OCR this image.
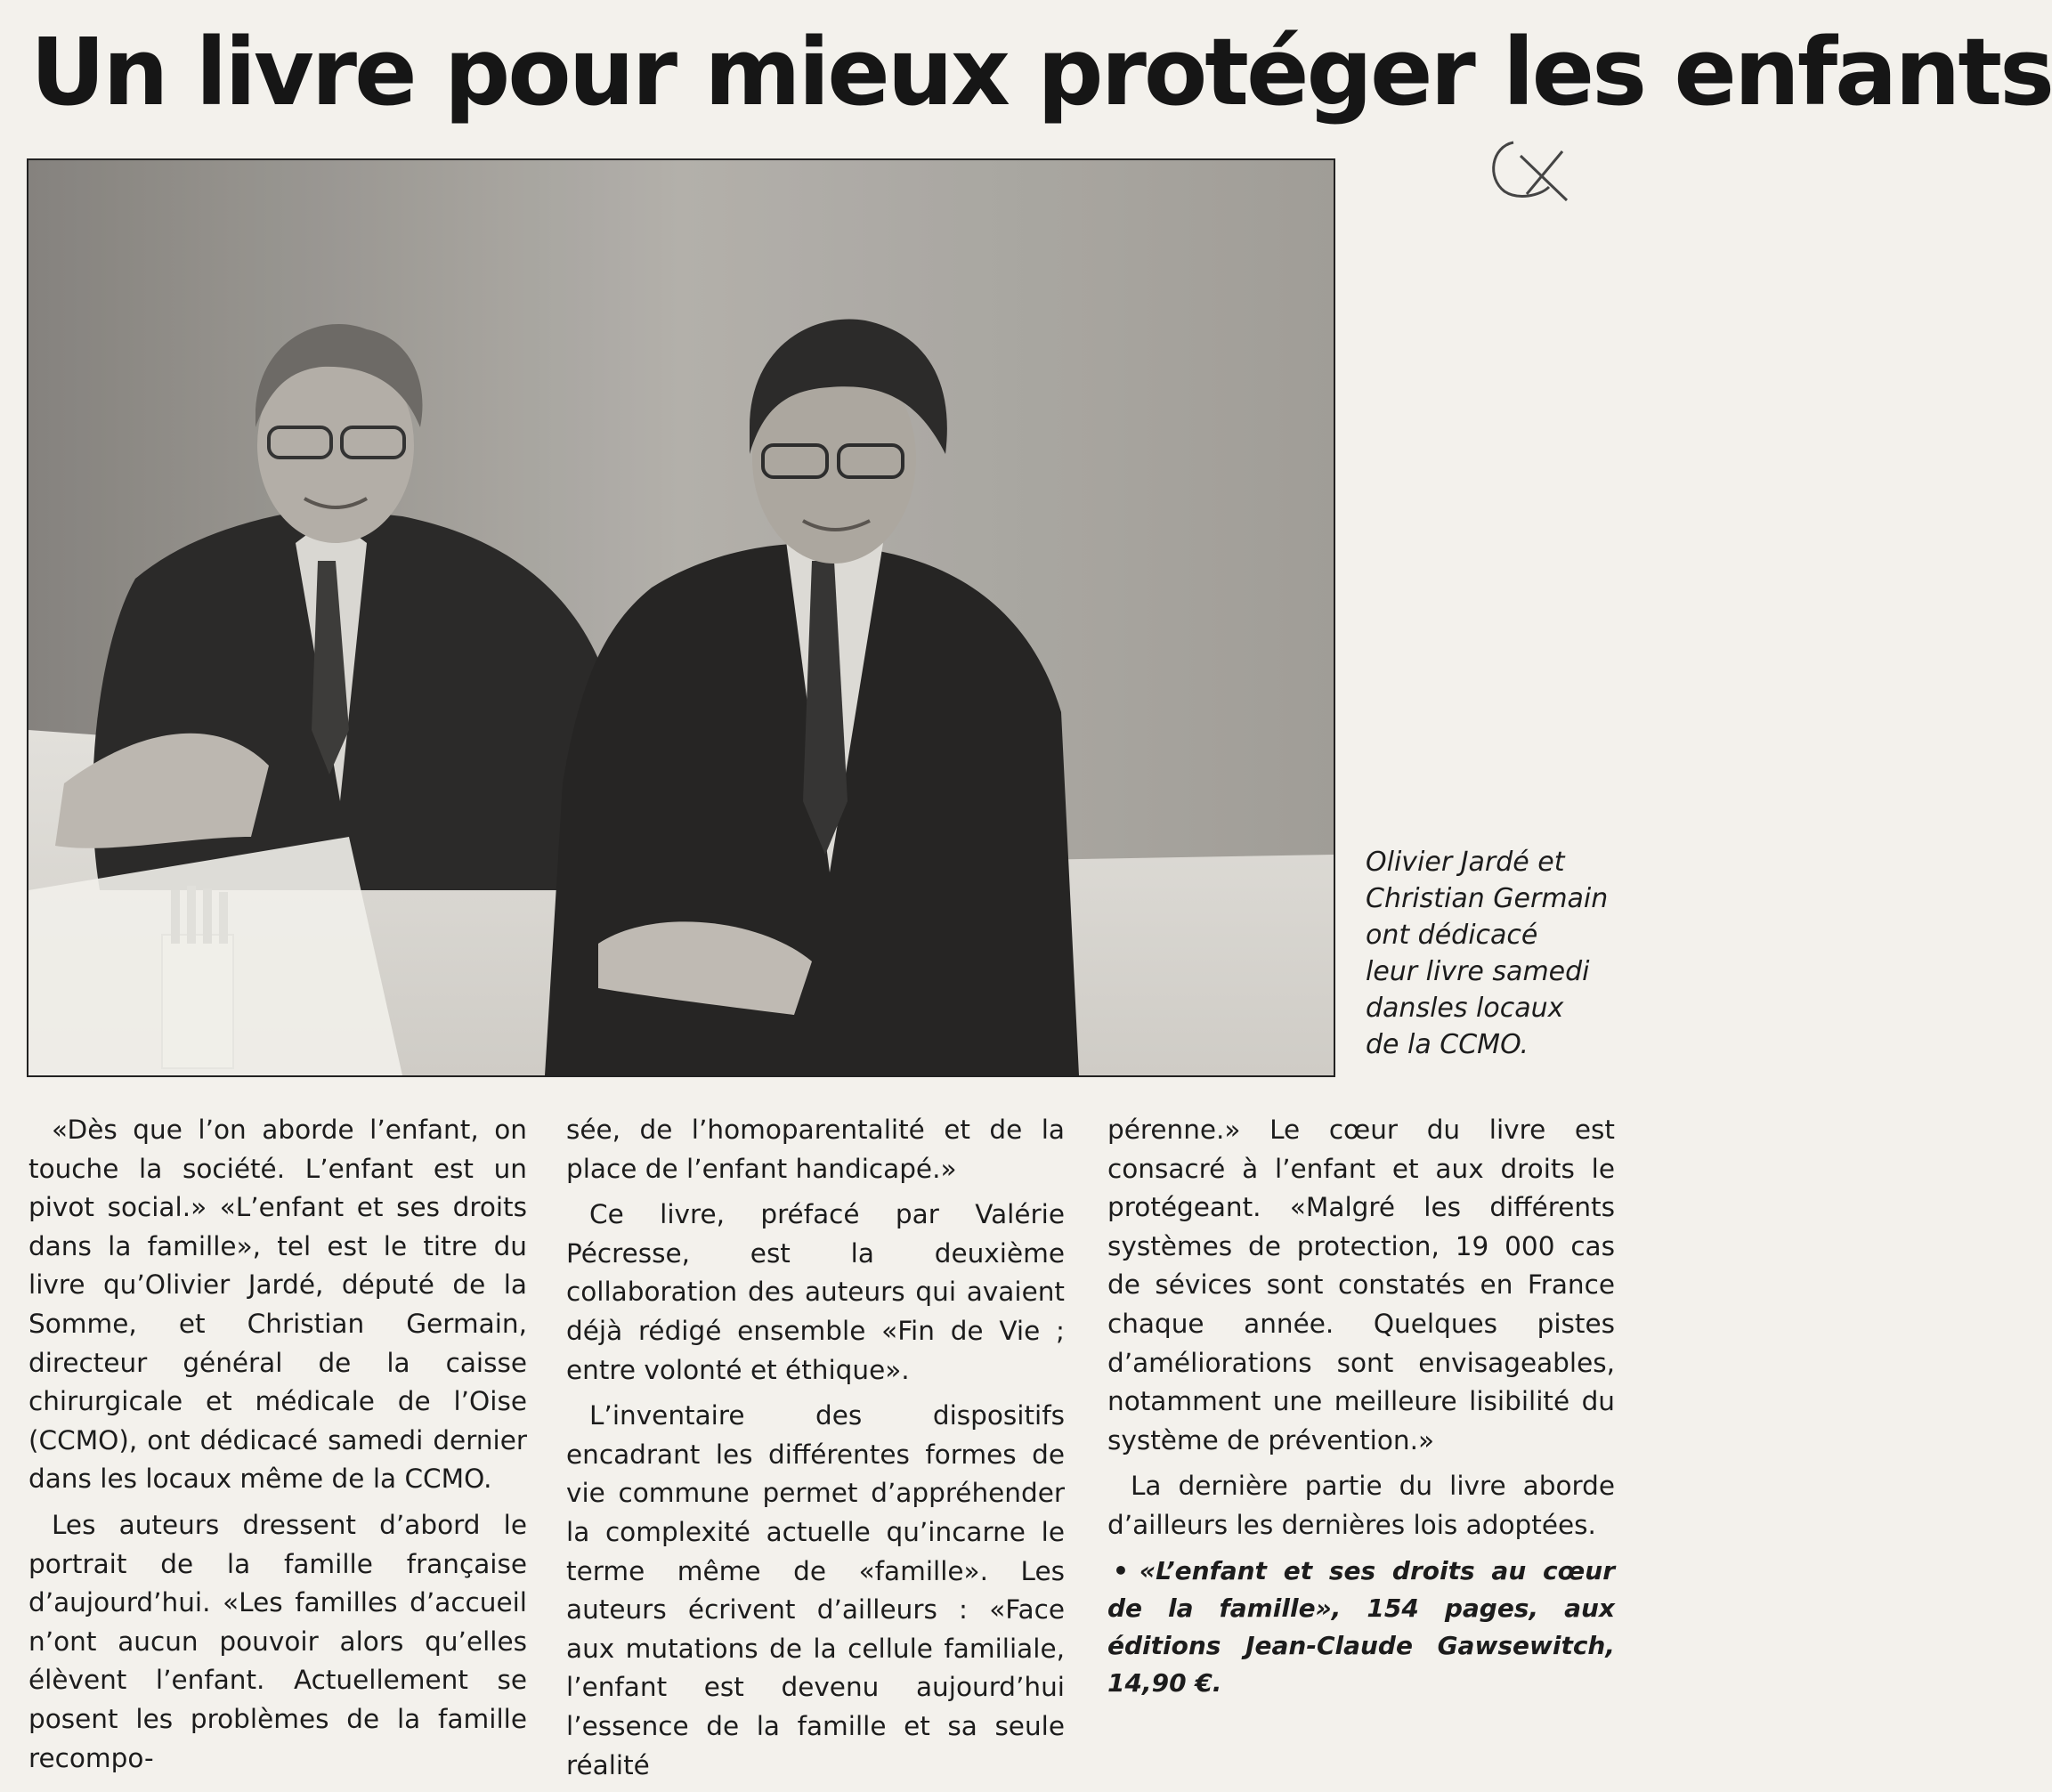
Un livre pour mieux protéger les enfants

Olivier Jardé et

Christian Germain

ont dédicacé

leur livre samedi

dansles locaux

de la CCMO.

«Dès que l’on aborde l’enfant, on touche la société. L’enfant est un pivot social.» «L’enfant et ses droits dans la famille», tel est le titre du livre qu’Olivier Jardé, député de la Somme, et Christian Germain, directeur général de la caisse chirurgicale et médicale de l’Oise (CCMO), ont dédicacé samedi dernier dans les locaux même de la CCMO.

Les auteurs dressent d’abord le portrait de la famille française d’aujourd’hui. «Les familles d’accueil n’ont aucun pouvoir alors qu’elles élèvent l’enfant. Actuellement se posent les problèmes de la famille recompo-

sée, de l’homoparentalité et de la place de l’enfant handicapé.»

Ce livre, préfacé par Valérie Pécresse, est la deuxième collaboration des auteurs qui avaient déjà rédigé ensemble «Fin de Vie ; entre volonté et éthique».

L’inventaire des dispositifs encadrant les différentes formes de vie commune permet d’appréhender la complexité actuelle qu’incarne le terme même de «famille». Les auteurs écrivent d’ailleurs : «Face aux mutations de la cellule familiale, l’enfant est devenu aujourd’hui l’essence de la famille et sa seule réalité

pérenne.» Le cœur du livre est consacré à l’enfant et aux droits le protégeant. «Malgré les différents systèmes de protection, 19 000 cas de sévices sont constatés en France chaque année. Quelques pistes d’améliorations sont envisageables, notamment une meilleure lisibilité du système de prévention.»

La dernière partie du livre aborde d’ailleurs les dernières lois adoptées.

• «L’enfant et ses droits au cœur de la famille», 154 pages, aux éditions Jean-Claude Gawsewitch, 14,90 €.
